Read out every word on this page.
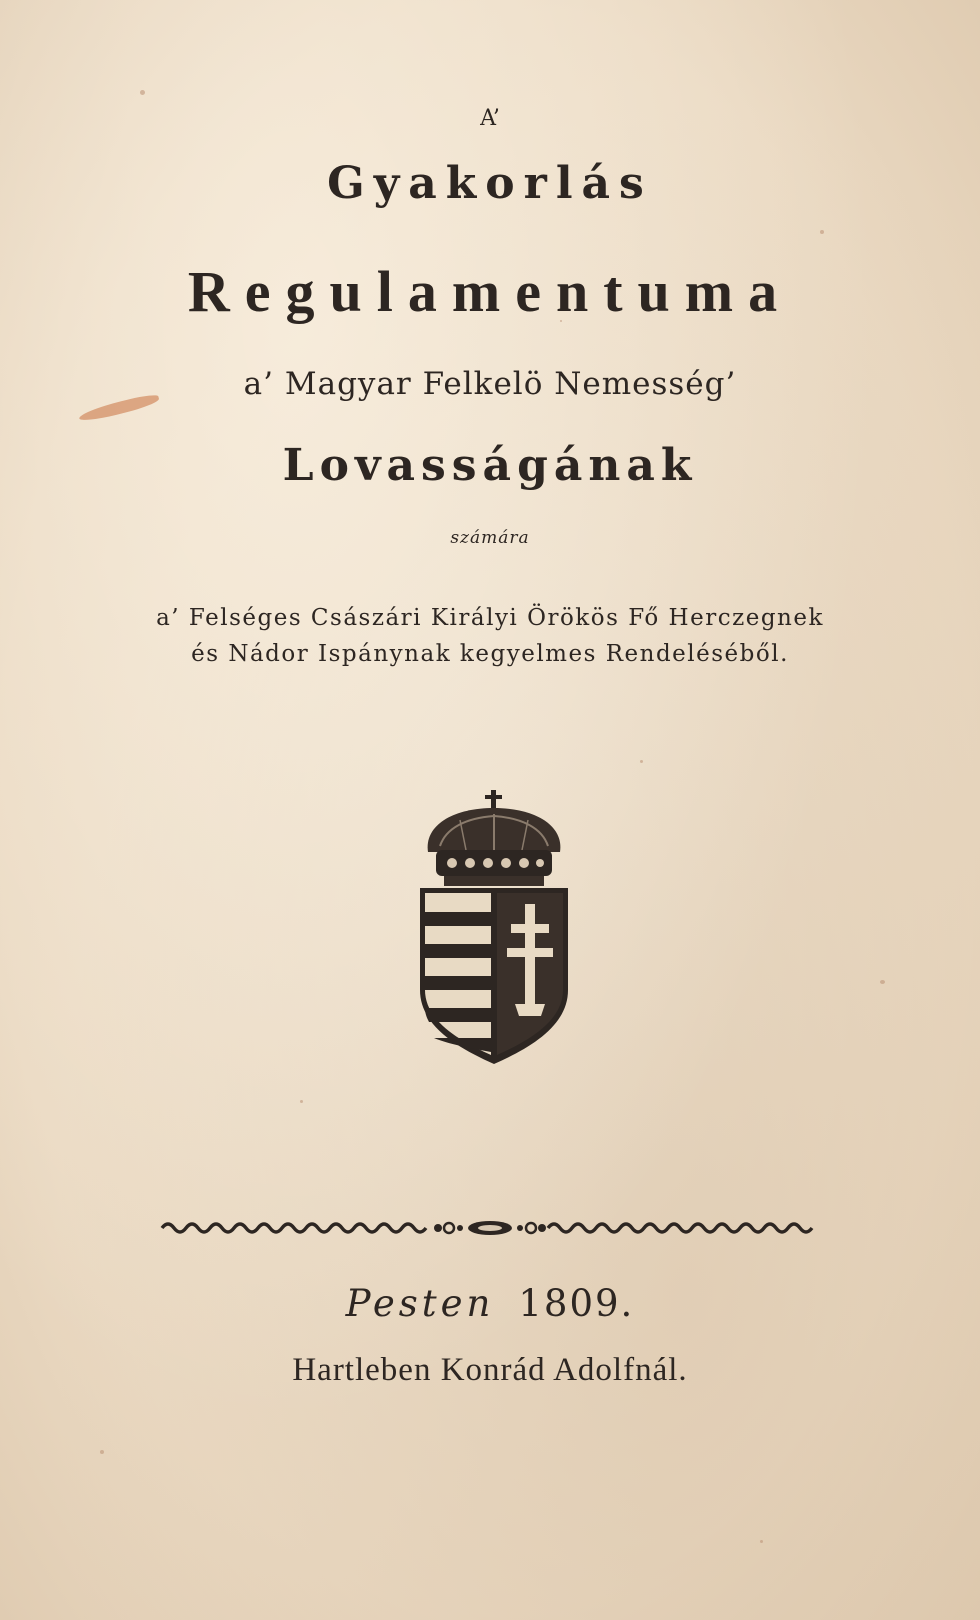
A’
Gyakorlás
Regulamentuma
a’ Magyar Felkelö Nemesség’
Lovasságának
számára
a’ Felséges Császári Királyi Örökös Fő Herczegnek
és Nádor Ispánynak kegyelmes Rendeléséből.
Pesten 1809.
Hartleben Konrád Adolfnál.
